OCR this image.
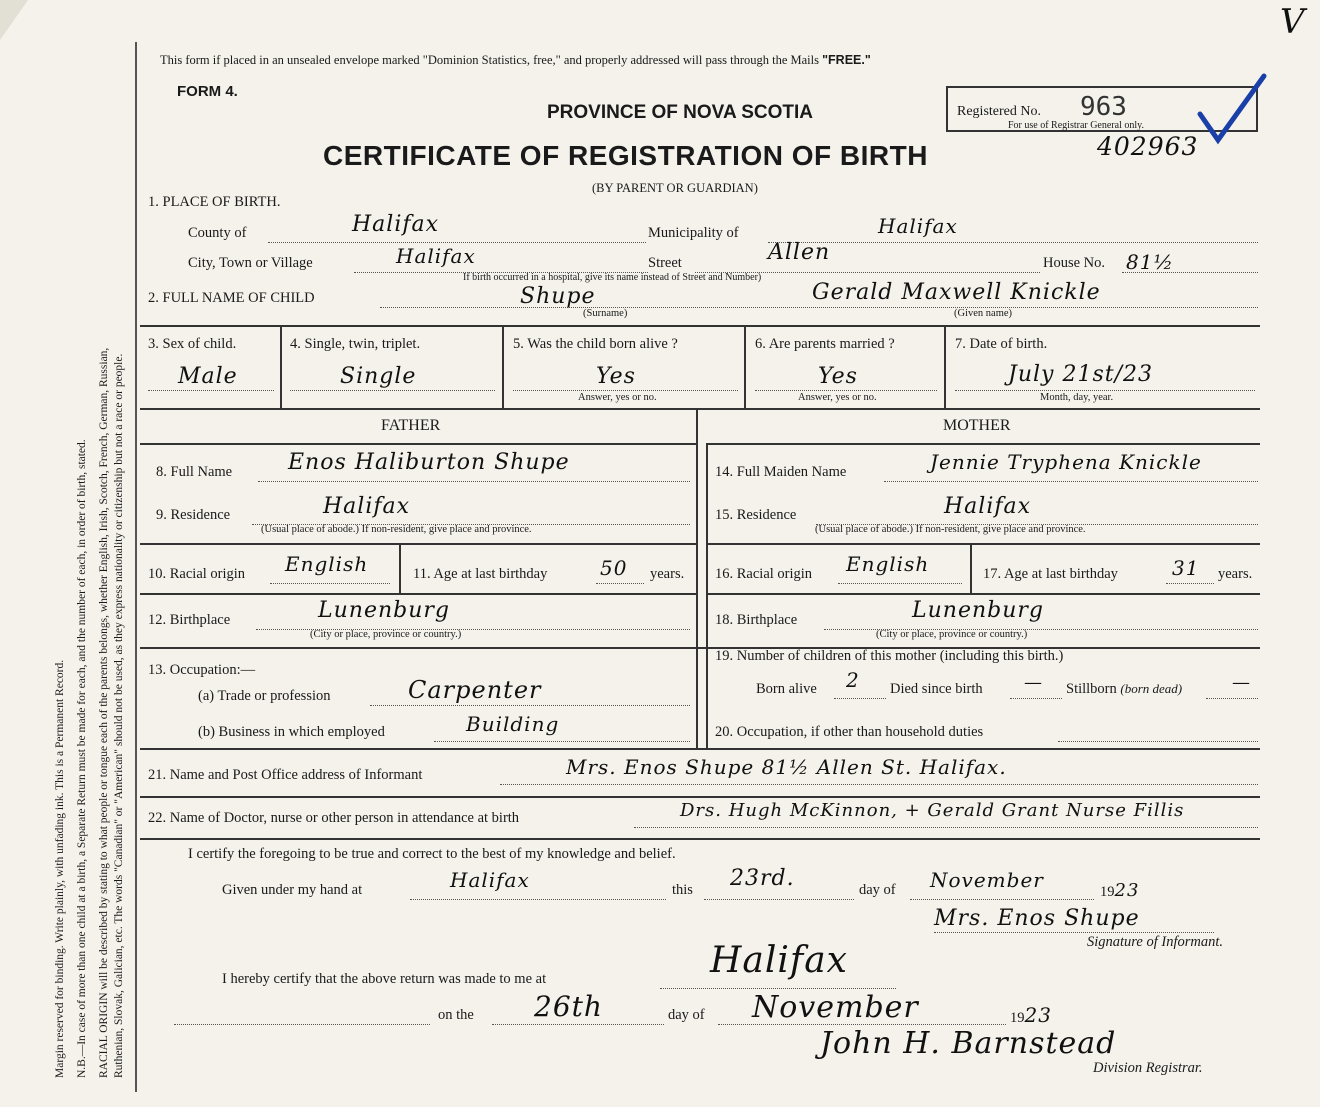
Margin reserved for binding. Write plainly, with unfading ink. This is a Permanent Record. N.B.—In case of more than one child at a birth, a Separate Return must be made for each, and the number of each, in order of birth, stated. RACIAL ORIGIN will be described by stating to what people or tongue each of the parents belongs, whether English, Irish, Scotch, French, German, Russian, Ruthenian, Slovak, Galician, etc. The words "Canadian" or "American" should not be used, as they express nationality or citizenship but not a race or people.
This form if placed in an unsealed envelope marked "Dominion Statistics, free," and properly addressed will pass through the Mails "FREE."
FORM 4.
PROVINCE OF NOVA SCOTIA	Registered No. 963
For use of Registrar General only.
V
CERTIFICATE OF REGISTRATION OF BIRTH	402963
(BY PARENT OR GUARDIAN)
1. PLACE OF BIRTH.
County of	Halifax	Municipality of	Halifax
City, Town or Village	Halifax	Street	Allen	House No. 81½
If birth occurred in a hospital, give its name instead of Street and Number)
2. FULL NAME OF CHILD	Shupe
(Surname)
Gerald Maxwell Knickle
(Given name)
3. Sex of child.
Male
4. Single, twin, triplet.
Single
5. Was the child born alive ?
Yes
Answer, yes or no.
6. Are parents married ?
Yes
Answer, yes or no.
7. Date of birth.
July 21st/23
Month, day, year.
FATHER	MOTHER
8. Full Name	Enos Haliburton Shupe
9. Residence	Halifax
(Usual place of abode.) If non-resident, give place and province.
10. Racial origin English	11. Age at last birthday	50 years.
12. Birthplace	Lunenburg
(City or place, province or country.)
13. Occupation:—
(a) Trade or profession	Carpenter
(b) Business in which employed	Building
14. Full Maiden Name	Jennie Tryphena Knickle
15. Residence	Halifax
(Usual place of abode.) If non-resident, give place and province.
16. Racial origin English	17. Age at last birthday	31 years.
18. Birthplace	Lunenburg
(City or place, province or country.)
19. Number of children of this mother (including this birth.)
Born alive 2 Died since birth — Stillborn (born dead)	—
20. Occupation, if other than household duties
21. Name and Post Office address of Informant	Mrs. Enos Shupe 81½ Allen St. Halifax.
22. Name of Doctor, nurse or other person in attendance at birth	Drs. Hugh McKinnon, + Gerald Grant Nurse Fillis
I certify the foregoing to be true and correct to the best of my knowledge and belief.
Given under my hand at	Halifax	this 23rd.	day of November	1923
Mrs. Enos Shupe
Signature of Informant.
Halifax
I hereby certify that the above return was made to me at
on the 26th	day of November	1923
John H. Barnstead
Division Registrar.
